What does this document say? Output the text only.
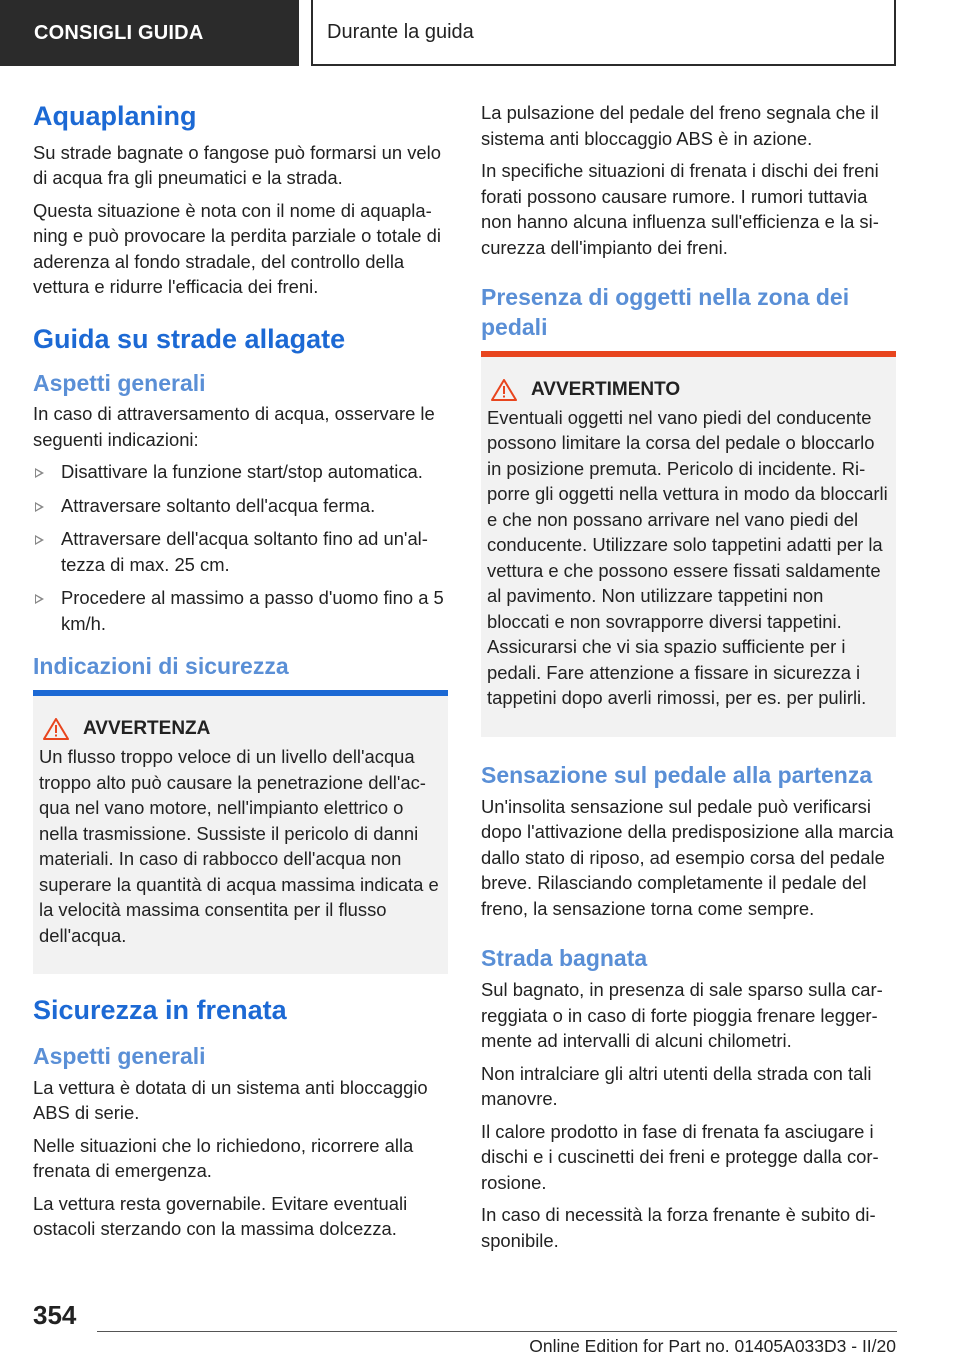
CONSIGLI GUIDA	Durante la guida
Aquaplaning

Su strade bagnate o fangose può formarsi un velo di acqua fra gli pneumatici e la strada.

Questa situazione è nota con il nome di aquaplaning e può provocare la perdita parziale o totale di aderenza al fondo stradale, del controllo della vettura e ridurre l'efficacia dei freni.

Guida su strade allagate
Aspetti generali

In caso di attraversamento di acqua, osservare le seguenti indicazioni:

Disattivare la funzione start/stop automatica.
Attraversare soltanto dell'acqua ferma.
Attraversare dell'acqua soltanto fino ad un'altezza di max. 25 cm.
Procedere al massimo a passo d'uomo fino a 5 km/h.
Indicazioni di sicurezza
AVVERTENZA

Un flusso troppo veloce di un livello dell'acqua troppo alto può causare la penetrazione dell'acqua nel vano motore, nell'impianto elettrico o nella trasmissione. Sussiste il pericolo di danni materiali. In caso di rabbocco dell'acqua non superare la quantità di acqua massima indicata e la velocità massima consentita per il flusso dell'acqua.

Sicurezza in frenata
Aspetti generali

La vettura è dotata di un sistema anti bloccaggio ABS di serie.

Nelle situazioni che lo richiedono, ricorrere alla frenata di emergenza.

La vettura resta governabile. Evitare eventuali ostacoli sterzando con la massima dolcezza.

La pulsazione del pedale del freno segnala che il sistema anti bloccaggio ABS è in azione.

In specifiche situazioni di frenata i dischi dei freni forati possono causare rumore. I rumori tuttavia non hanno alcuna influenza sull'efficienza e la sicurezza dell'impianto dei freni.

Presenza di oggetti nella zona dei pedali
AVVERTIMENTO

Eventuali oggetti nel vano piedi del conducente possono limitare la corsa del pedale o bloccarlo in posizione premuta. Pericolo di incidente. Riporre gli oggetti nella vettura in modo da bloccarli e che non possano arrivare nel vano piedi del conducente. Utilizzare solo tappetini adatti per la vettura e che possono essere fissati saldamente al pavimento. Non utilizzare tappetini non bloccati e non sovrapporre diversi tappetini. Assicurarsi che vi sia spazio sufficiente per i pedali. Fare attenzione a fissare in sicurezza i tappetini dopo averli rimossi, per es. per pulirli.

Sensazione sul pedale alla partenza

Un'insolita sensazione sul pedale può verificarsi dopo l'attivazione della predisposizione alla marcia dallo stato di riposo, ad esempio corsa del pedale breve. Rilasciando completamente il pedale del freno, la sensazione torna come sempre.

Strada bagnata

Sul bagnato, in presenza di sale sparso sulla carreggiata o in caso di forte pioggia frenare leggermente ad intervalli di alcuni chilometri.

Non intralciare gli altri utenti della strada con tali manovre.

Il calore prodotto in fase di frenata fa asciugare i dischi e i cuscinetti dei freni e protegge dalla corrosione.

In caso di necessità la forza frenante è subito disponibile.

354
Online Edition for Part no. 01405A033D3 - II/20
